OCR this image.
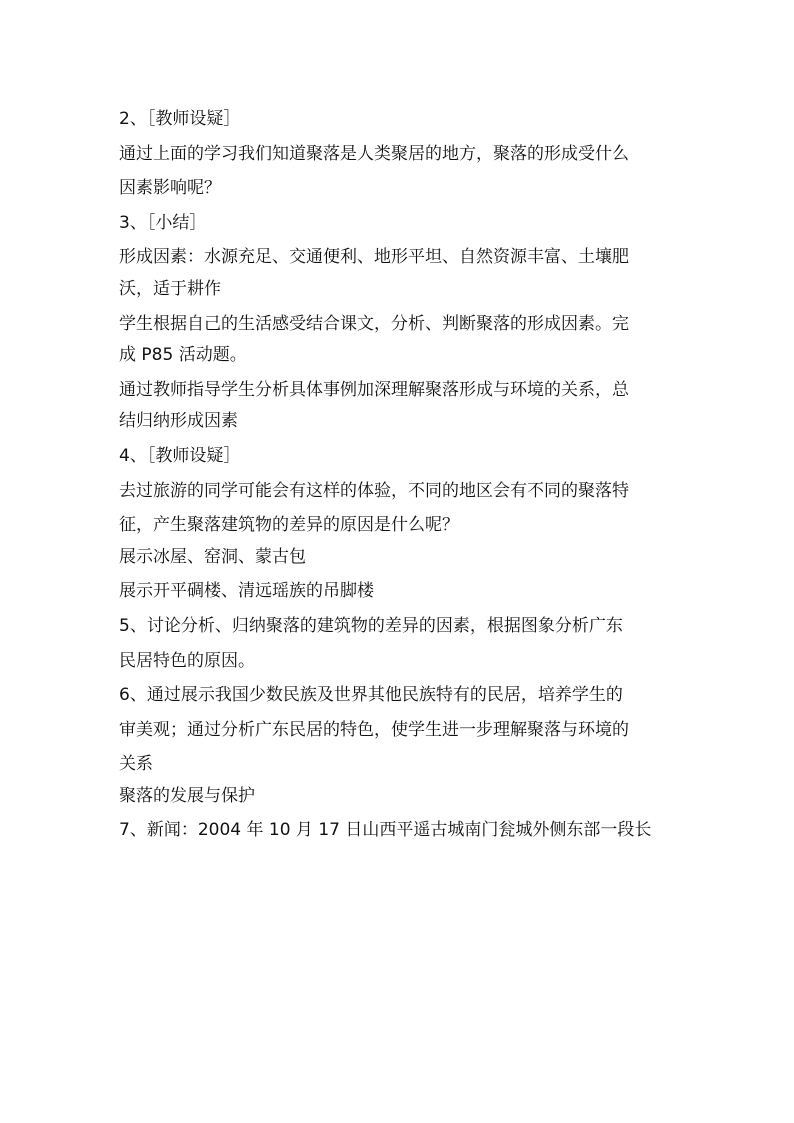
2、［教师设疑］
通过上面的学习我们知道聚落是人类聚居的地方，聚落的形成受什么
因素影响呢？
3、［小结］
形成因素：水源充足、交通便利、地形平坦、自然资源丰富、土壤肥
沃，适于耕作
学生根据自己的生活感受结合课文，分析、判断聚落的形成因素。完
成 P85 活动题。
通过教师指导学生分析具体事例加深理解聚落形成与环境的关系，总
结归纳形成因素
4、［教师设疑］
去过旅游的同学可能会有这样的体验，不同的地区会有不同的聚落特
征，产生聚落建筑物的差异的原因是什么呢？
展示冰屋、窑洞、蒙古包
展示开平碉楼、清远瑶族的吊脚楼
5、讨论分析、归纳聚落的建筑物的差异的因素，根据图象分析广东
民居特色的原因。
6、通过展示我国少数民族及世界其他民族特有的民居，培养学生的
审美观；通过分析广东民居的特色，使学生进一步理解聚落与环境的
关系
聚落的发展与保护
7、新闻：2004 年 10 月 17 日山西平遥古城南门瓮城外侧东部一段长
